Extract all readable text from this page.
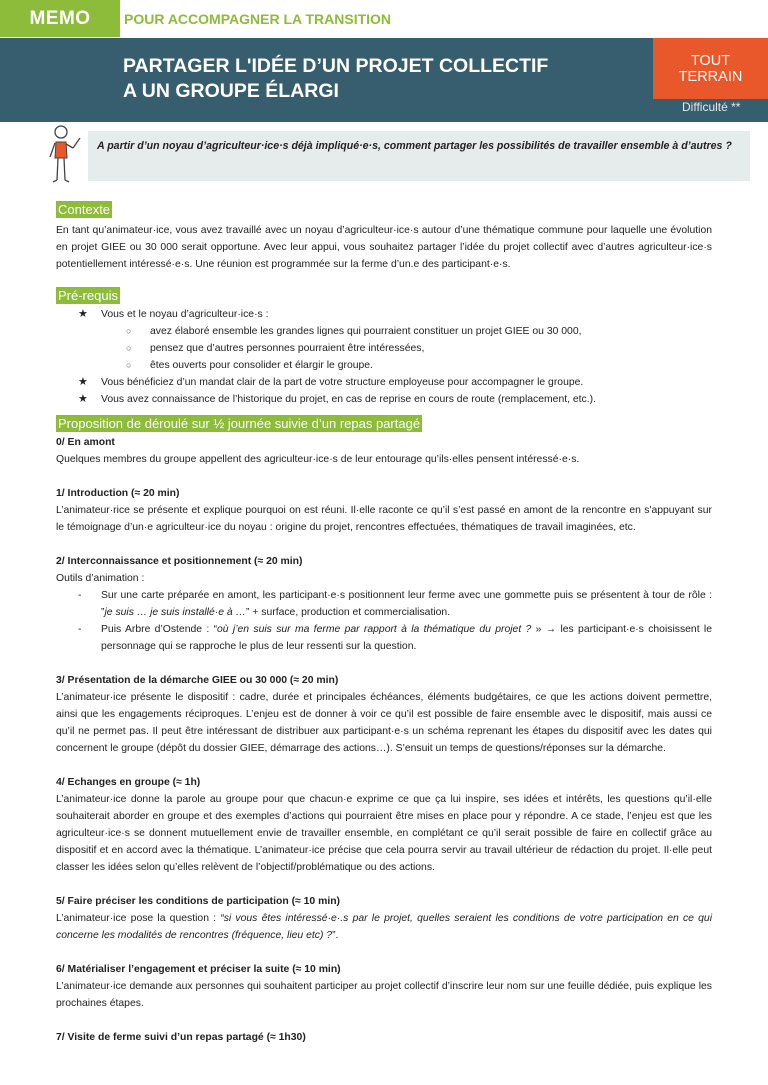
MEMO	POUR ACCOMPAGNER LA TRANSITION
PARTAGER L'IDÉE D’UN PROJET COLLECTIF
A UN GROUPE ÉLARGI
TOUT
TERRAIN
Difficulté **
A partir d’un noyau d’agriculteur·ice·s déjà impliqué·e·s, comment partager les possibilités de travailler ensemble à d’autres ?
Contexte

En tant qu’animateur·ice, vous avez travaillé avec un noyau d’agriculteur·ice·s autour d’une thématique commune pour laquelle une évolution en projet GIEE ou 30 000 serait opportune. Avec leur appui, vous souhaitez partager l’idée du projet collectif avec d’autres agriculteur·ice·s potentiellement intéressé·e·s. Une réunion est programmée sur la ferme d’un.e des participant·e·s.

Pré-requis
★ Vous et le noyau d’agriculteur·ice·s :
○ avez élaboré ensemble les grandes lignes qui pourraient constituer un projet GIEE ou 30 000,
○ pensez que d’autres personnes pourraient être intéressées,
○ êtes ouverts pour consolider et élargir le groupe.
★ Vous bénéficiez d’un mandat clair de la part de votre structure employeuse pour accompagner le groupe.
★ Vous avez connaissance de l’historique du projet, en cas de reprise en cours de route (remplacement, etc.).
Proposition de déroulé sur ½ journée suivie d’un repas partagé

0/ En amont

Quelques membres du groupe appellent des agriculteur·ice·s de leur entourage qu’ils·elles pensent intéressé·e·s.

1/ Introduction (≈ 20 min)

L’animateur·rice se présente et explique pourquoi on est réuni. Il·elle raconte ce qu’il s’est passé en amont de la rencontre en s'appuyant sur le témoignage d’un·e agriculteur·ice du noyau : origine du projet, rencontres effectuées, thématiques de travail imaginées, etc.

2/ Interconnaissance et positionnement (≈ 20 min)

Outils d’animation :

- Sur une carte préparée en amont, les participant·e·s positionnent leur ferme avec une gommette puis se présentent à tour de rôle : ”je suis … je suis installé·e à …” + surface, production et commercialisation.
- Puis Arbre d’Ostende : “où j’en suis sur ma ferme par rapport à la thématique du projet ? » → les participant·e·s choisissent le personnage qui se rapproche le plus de leur ressenti sur la question.

3/ Présentation de la démarche GIEE ou 30 000 (≈ 20 min)

L’animateur·ice présente le dispositif : cadre, durée et principales échéances, éléments budgétaires, ce que les actions doivent permettre, ainsi que les engagements réciproques. L’enjeu est de donner à voir ce qu’il est possible de faire ensemble avec le dispositif, mais aussi ce qu’il ne permet pas. Il peut être intéressant de distribuer aux participant·e·s un schéma reprenant les étapes du dispositif avec les dates qui concernent le groupe (dépôt du dossier GIEE, démarrage des actions…). S’ensuit un temps de questions/réponses sur la démarche.

4/ Echanges en groupe (≈ 1h)

L’animateur·ice donne la parole au groupe pour que chacun·e exprime ce que ça lui inspire, ses idées et intérêts, les questions qu’il·elle souhaiterait aborder en groupe et des exemples d’actions qui pourraient être mises en place pour y répondre. A ce stade, l’enjeu est que les agriculteur·ice·s se donnent mutuellement envie de travailler ensemble, en complétant ce qu’il serait possible de faire en collectif grâce au dispositif et en accord avec la thématique. L’animateur·ice précise que cela pourra servir au travail ultérieur de rédaction du projet. Il·elle peut classer les idées selon qu’elles relèvent de l’objectif/problématique ou des actions.

5/ Faire préciser les conditions de participation (≈ 10 min)

L’animateur·ice pose la question : “si vous êtes intéressé·e·.s par le projet, quelles seraient les conditions de votre participation en ce qui concerne les modalités de rencontres (fréquence, lieu etc) ?”.

6/ Matérialiser l’engagement et préciser la suite (≈ 10 min)

L’animateur·ice demande aux personnes qui souhaitent participer au projet collectif d’inscrire leur nom sur une feuille dédiée, puis explique les prochaines étapes.

7/ Visite de ferme suivi d’un repas partagé (≈ 1h30)
